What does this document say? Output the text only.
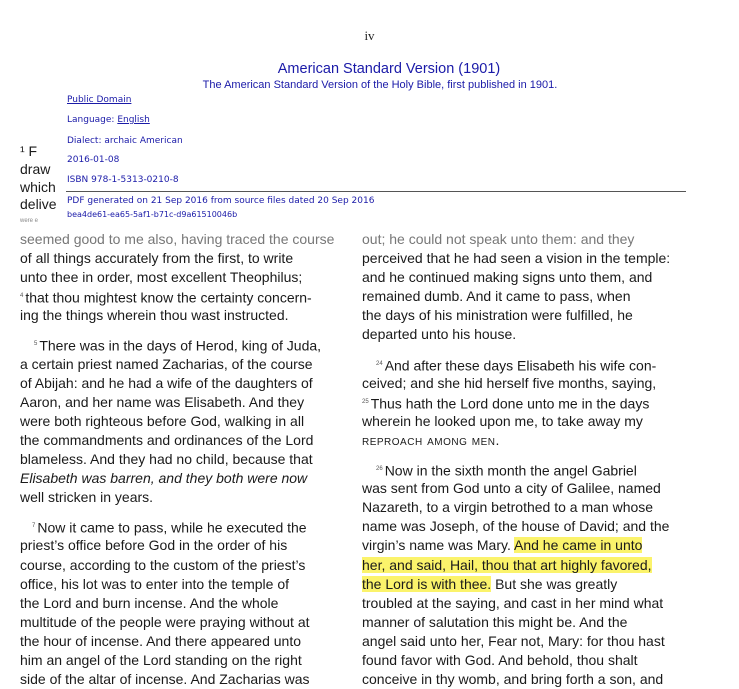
iv
American Standard Version (1901)
The American Standard Version of the Holy Bible, first published in 1901.
Public Domain
Language: English
Dialect: archaic American
2016-01-08
ISBN 978-1-5313-0210-8
PDF generated on 21 Sep 2016 from source files dated 20 Sep 2016
bea4de61-ea65-5af1-b71c-d9a61510046b
¹ F
draw
which
delive
were e

seemed good to me also, having traced the course
of all things accurately from the first, to write
unto thee in order, most excellent Theophilus;
$^4$ that thou mightest know the certainty concern-
ing the things wherein thou wast instructed.

$^5$ There was in the days of Herod, king of Juda,
a certain priest named Zacharias, of the course
of Abijah: and he had a wife of the daughters of
Aaron, and her name was Elisabeth. And they
were both righteous before God, walking in all
the commandments and ordinances of the Lord
blameless. And they had no child, because that
Elisabeth was barren, and they both were now
well stricken in years.

$^7$ Now it came to pass, while he executed the
priest’s office before God in the order of his
course, according to the custom of the priest’s
office, his lot was to enter into the temple of
the Lord and burn incense. And the whole
multitude of the people were praying without at
the hour of incense. And there appeared unto
him an angel of the Lord standing on the right
side of the altar of incense. And Zacharias was

out; he could not speak unto them: and they
perceived that he had seen a vision in the temple:
and he continued making signs unto them, and
remained dumb. And it came to pass, when
the days of his ministration were fulfilled, he
departed unto his house.

$^{24}$ And after these days Elisabeth his wife con-
ceived; and she hid herself five months, saying,
$^{25}$ Thus hath the Lord done unto me in the days
wherein he looked upon me, to take away my
reproach among men.

$^{26}$ Now in the sixth month the angel Gabriel
was sent from God unto a city of Galilee, named
Nazareth, to a virgin betrothed to a man whose
name was Joseph, of the house of David; and the
virgin’s name was Mary. And he came in unto
her, and said, Hail, thou that art highly favored,
the Lord is with thee. But she was greatly
troubled at the saying, and cast in her mind what
manner of salutation this might be. And the
angel said unto her, Fear not, Mary: for thou hast
found favor with God. And behold, thou shalt
conceive in thy womb, and bring forth a son, and
